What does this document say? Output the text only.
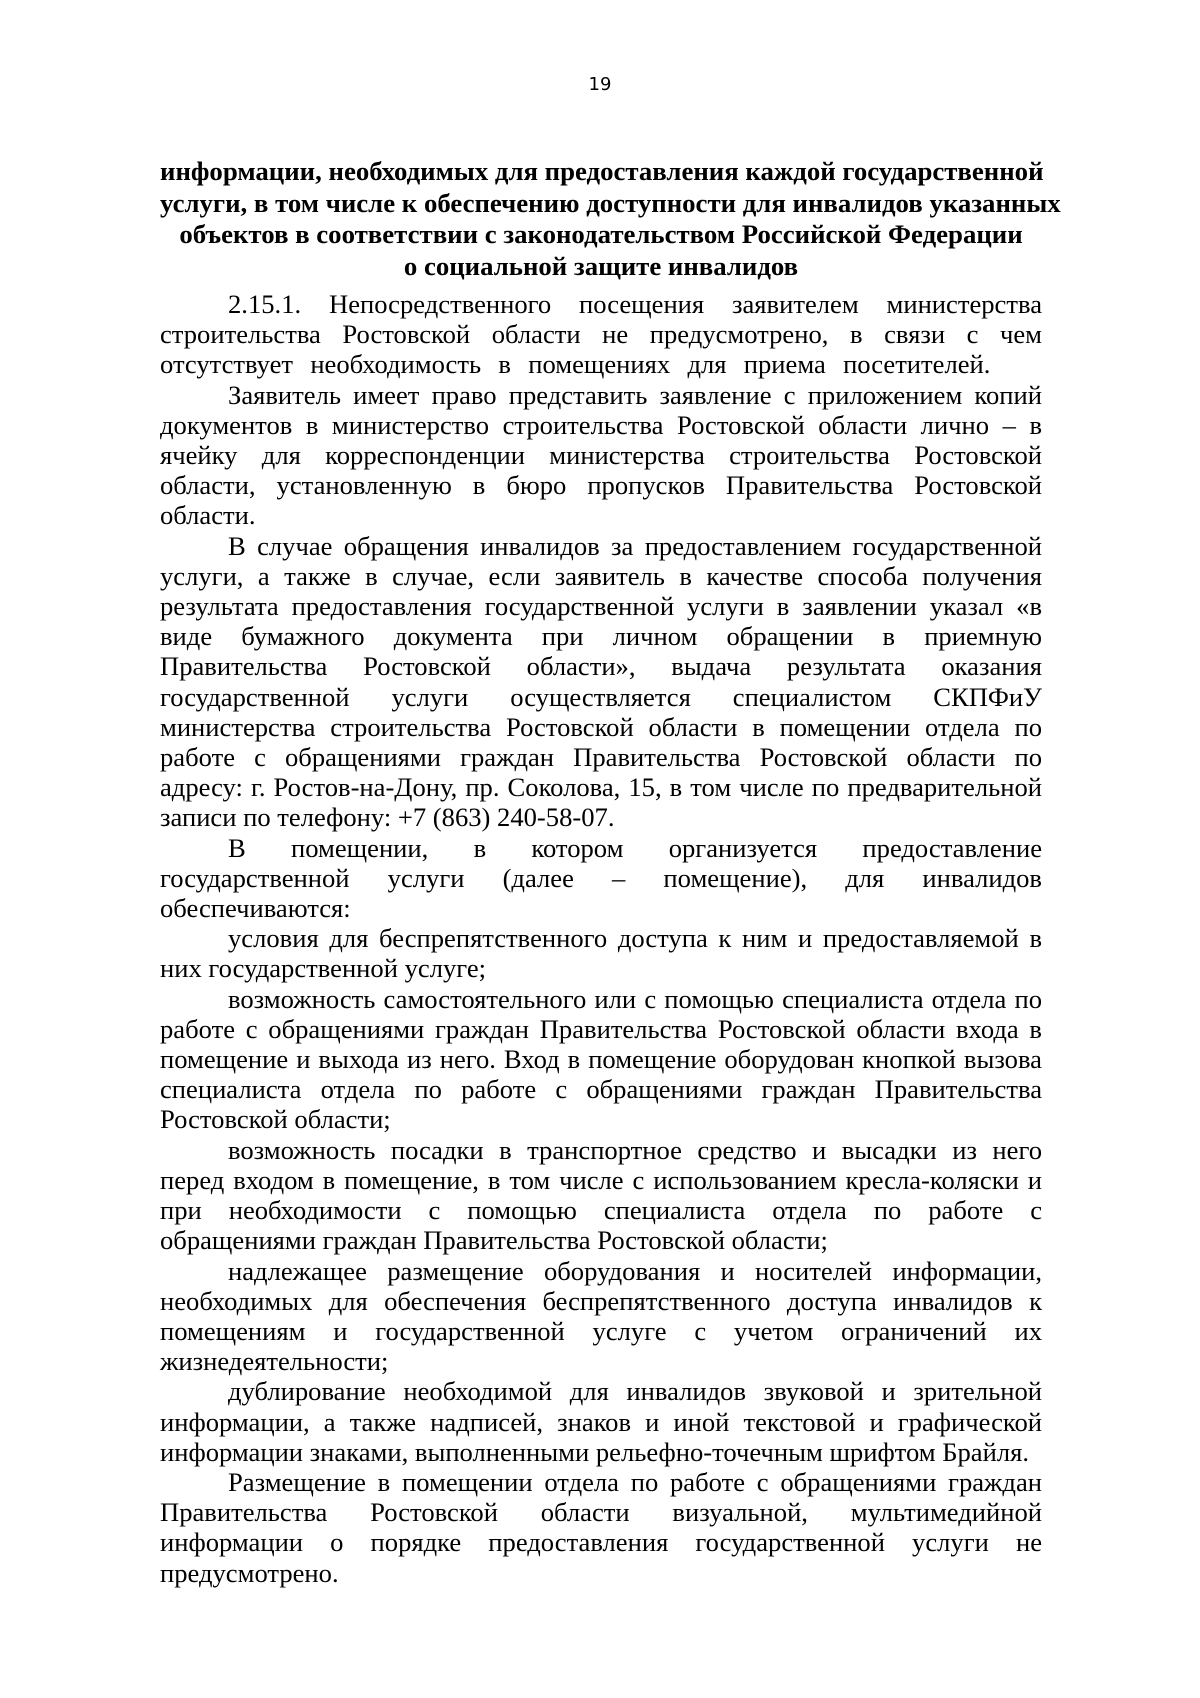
19
информации, необходимых для предоставления каждой государственной
услуги, в том числе к обеспечению доступности для инвалидов указанных
объектов в соответствии с законодательством Российской Федерации
о социальной защите инвалидов

2.15.1. Непосредственного посещения заявителем министерства строительства Ростовской области не предусмотрено, в связи с чем отсутствует необходимость в помещениях для приема посетителей.

Заявитель имеет право представить заявление с приложением копий документов в министерство строительства Ростовской области лично – в ячейку для корреспонденции министерства строительства Ростовской области, установленную в бюро пропусков Правительства Ростовской области.

В случае обращения инвалидов за предоставлением государственной услуги, а также в случае, если заявитель в качестве способа получения результата предоставления государственной услуги в заявлении указал «в виде бумажного документа при личном обращении в приемную Правительства Ростовской области», выдача результата оказания государственной услуги осуществляется специалистом СКПФиУ министерства строительства Ростовской области в помещении отдела по работе с обращениями граждан Правительства Ростовской области по адресу: г. Ростов-на-Дону, пр. Соколова, 15, в том числе по предварительной записи по телефону: +7 (863) 240-58-07.

В помещении, в котором организуется предоставление государственной услуги (далее – помещение), для инвалидов обеспечиваются:

условия для беспрепятственного доступа к ним и предоставляемой в них государственной услуге;

возможность самостоятельного или с помощью специалиста отдела по работе с обращениями граждан Правительства Ростовской области входа в помещение и выхода из него. Вход в помещение оборудован кнопкой вызова специалиста отдела по работе с обращениями граждан Правительства Ростовской области;

возможность посадки в транспортное средство и высадки из него перед входом в помещение, в том числе с использованием кресла-коляски и при необходимости с помощью специалиста отдела по работе с обращениями граждан Правительства Ростовской области;

надлежащее размещение оборудования и носителей информации, необходимых для обеспечения беспрепятственного доступа инвалидов к помещениям и государственной услуге с учетом ограничений их жизнедеятельности;

дублирование необходимой для инвалидов звуковой и зрительной информации, а также надписей, знаков и иной текстовой и графической информации знаками, выполненными рельефно-точечным шрифтом Брайля.

Размещение в помещении отдела по работе с обращениями граждан Правительства Ростовской области визуальной, мультимедийной информации о порядке предоставления государственной услуги не предусмотрено.
